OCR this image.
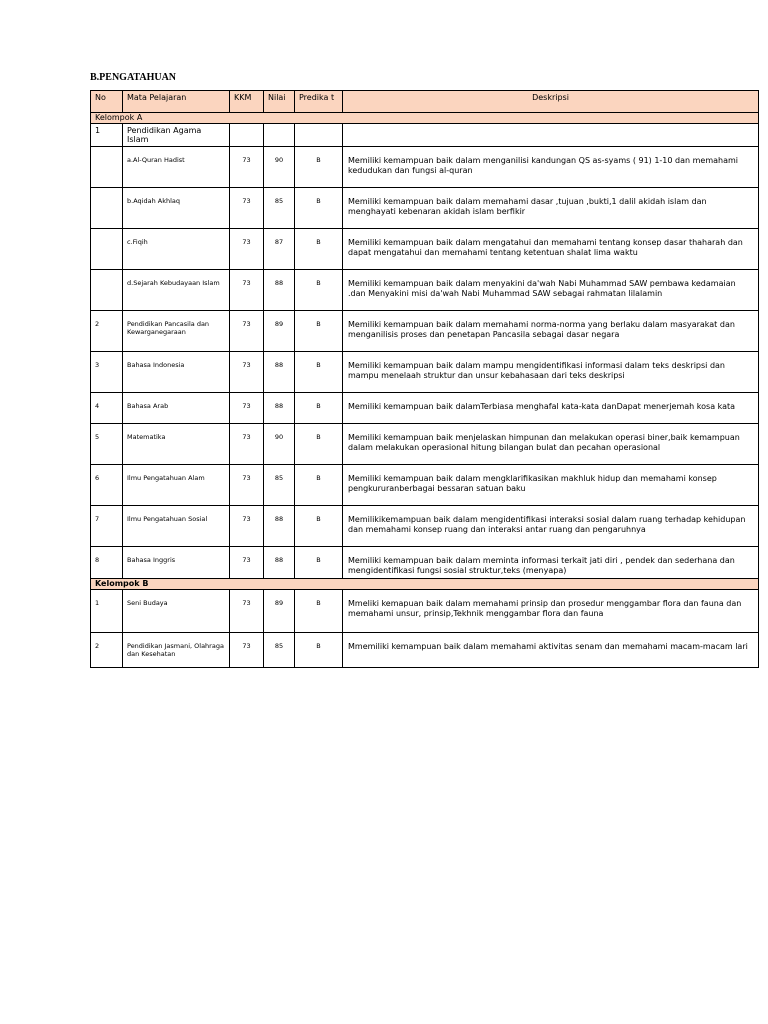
B.PENGATAHUAN
No	Mata Pelajaran	KKM	Nilai	Predika t	Deskripsi
Kelompok A					
1	Pendidikan Agama Islam				
	a.Al-Quran Hadist	73	90	B	Memiliki kemampuan baik dalam menganilisi kandungan QS as-syams ( 91) 1-10 dan memahami kedudukan dan fungsi al-quran
	b.Aqidah Akhlaq	73	85	B	Memiliki kemampuan baik dalam memahami dasar ,tujuan ,bukti,1 dalil akidah islam dan menghayati kebenaran akidah islam berfikir
	c.Fiqih	73	87	B	Memiliki kemampuan baik dalam mengatahui dan memahami tentang konsep dasar thaharah dan dapat mengatahui dan memahami tentang ketentuan shalat lima waktu
	d.Sejarah Kebudayaan Islam	73	88	B	Memiliki kemampuan baik dalam menyakini da'wah Nabi Muhammad SAW pembawa kedamaian .dan Menyakini misi da'wah Nabi Muhammad SAW sebagai rahmatan lilalamin
2	Pendidikan Pancasila dan Kewarganegaraan	73	89	B	Memiliki kemampuan baik dalam memahami norma-norma yang berlaku dalam masyarakat dan menganilisis proses dan penetapan Pancasila sebagai dasar negara
3	Bahasa Indonesia	73	88	B	Memiliki kemampuan baik dalam mampu mengidentifikasi informasi dalam teks deskripsi dan mampu menelaah struktur dan unsur kebahasaan dari teks deskripsi
4	Bahasa Arab	73	88	B	Memiliki kemampuan baik dalamTerbiasa menghafal kata-kata danDapat menerjemah kosa kata
5	Matematika	73	90	B	Memiliki kemampuan baik menjelaskan himpunan dan melakukan operasi biner,baik kemampuan dalam melakukan operasional hitung bilangan bulat dan pecahan operasional
6	Ilmu Pengatahuan Alam	73	85	B	Memiliki kemampuan baik dalam mengklarifikasikan makhluk hidup dan memahami konsep pengkururanberbagai bessaran satuan baku
7	Ilmu Pengatahuan Sosial	73	88	B	Memilikikemampuan baik dalam mengidentifikasi interaksi sosial dalam ruang terhadap kehidupan dan memahami konsep ruang dan interaksi antar ruang dan pengaruhnya
8	Bahasa Inggris	73	88	B	Memiliki kemampuan baik dalam meminta informasi terkait jati diri , pendek dan sederhana dan mengidentifikasi fungsi sosial struktur,teks (menyapa)
Kelompok B					
1	Seni Budaya	73	89	B	Mmeliki kemapuan baik dalam memahami prinsip dan prosedur menggambar flora dan fauna dan memahami unsur, prinsip,Tekhnik menggambar flora dan fauna
2	Pendidikan Jasmani, Olahraga dan Kesehatan	73	85	B	Mmemiliki kemampuan baik dalam memahami aktivitas senam dan memahami macam-macam lari
